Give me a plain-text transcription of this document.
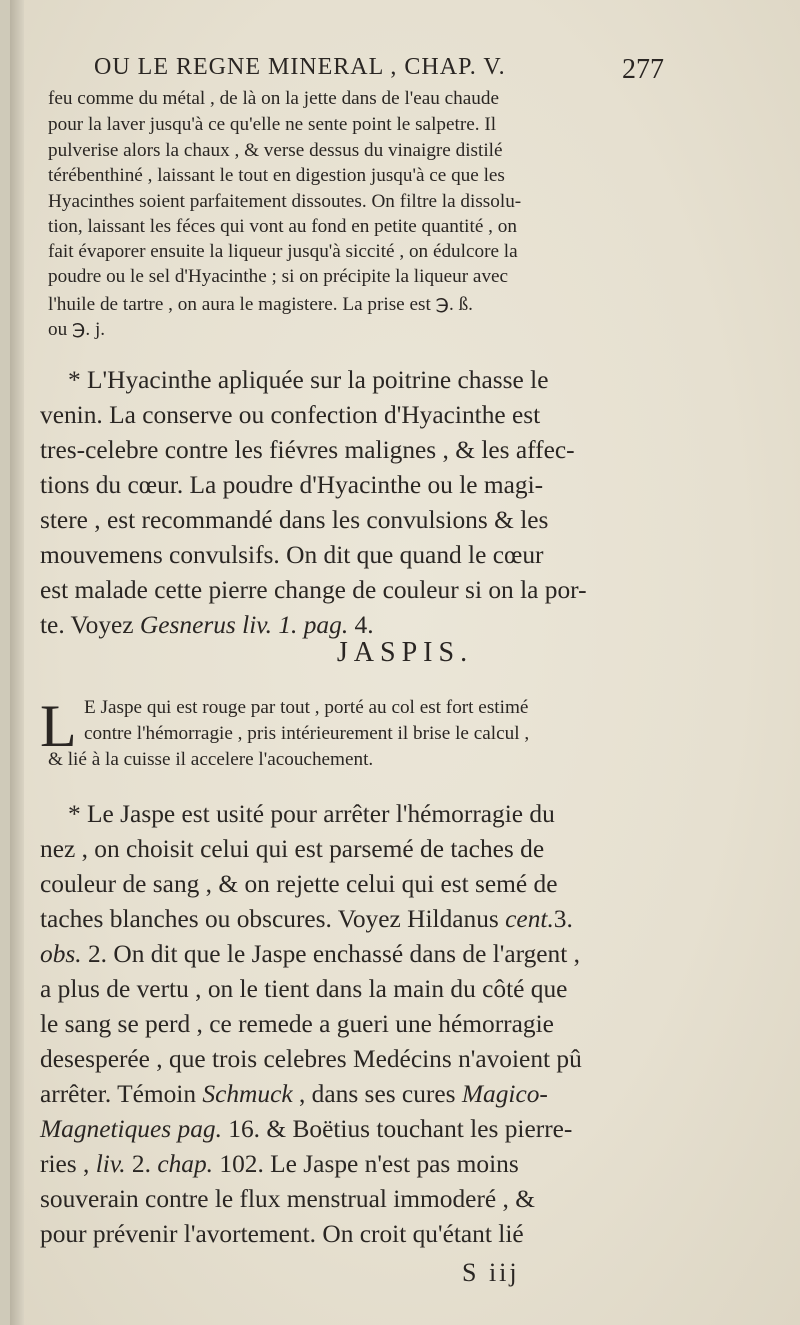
OU LE REGNE MINERAL , CHAP. V.	277
feu comme du métal , de là on la jette dans de l'eau chaude
pour la laver jusqu'à ce qu'elle ne sente point le salpetre. Il
pulverise alors la chaux , & verse dessus du vinaigre distilé
térébenthiné , laissant le tout en digestion jusqu'à ce que les
Hyacinthes soient parfaitement dissoutes. On filtre la dissolu-
tion, laissant les féces qui vont au fond en petite quantité , on
fait évaporer ensuite la liqueur jusqu'à siccité , on édulcore la
poudre ou le sel d'Hyacinthe ; si on précipite la liqueur avec
l'huile de tartre , on aura le magistere. La prise est ℈. ß.
ou ℈. j.
* L'Hyacinthe apliquée sur la poitrine chasse le
venin. La conserve ou confection d'Hyacinthe est
tres-celebre contre les fiévres malignes , & les affec-
tions du cœur. La poudre d'Hyacinthe ou le magi-
stere , est recommandé dans les convulsions & les
mouvemens convulsifs. On dit que quand le cœur
est malade cette pierre change de couleur si on la por-
te. Voyez Gesnerus liv. 1. pag. 4.
JASPIS.
L E Jaspe qui est rouge par tout , porté au col est fort estimé
contre l'hémorragie , pris intérieurement il brise le calcul ,
& lié à la cuisse il accelere l'acouchement.
* Le Jaspe est usité pour arrêter l'hémorragie du
nez , on choisit celui qui est parsemé de taches de
couleur de sang , & on rejette celui qui est semé de
taches blanches ou obscures. Voyez Hildanus cent.3.
obs. 2. On dit que le Jaspe enchassé dans de l'argent ,
a plus de vertu , on le tient dans la main du côté que
le sang se perd , ce remede a gueri une hémorragie
desesperée , que trois celebres Medécins n'avoient pû
arrêter. Témoin Schmuck , dans ses cures Magico-
Magnetiques pag. 16. & Boëtius touchant les pierre-
ries , liv. 2. chap. 102. Le Jaspe n'est pas moins
souverain contre le flux menstrual immoderé , &
pour prévenir l'avortement. On croit qu'étant lié
S iij
